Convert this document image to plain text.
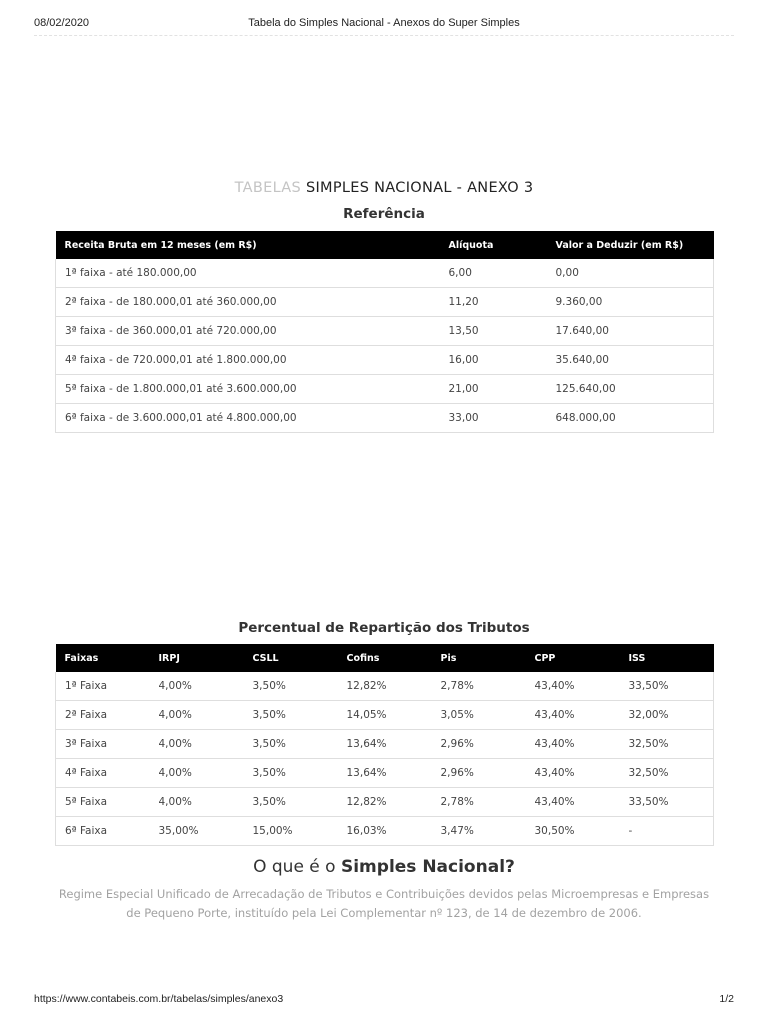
08/02/2020	Tabela do Simples Nacional - Anexos do Super Simples
TABELAS SIMPLES NACIONAL - ANEXO 3
Referência
Receita Bruta em 12 meses (em R$)	Alíquota	Valor a Deduzir (em R$)
1ª faixa - até 180.000,00	6,00	0,00
2ª faixa - de 180.000,01 até 360.000,00	11,20	9.360,00
3ª faixa - de 360.000,01 até 720.000,00	13,50	17.640,00
4ª faixa - de 720.000,01 até 1.800.000,00	16,00	35.640,00
5ª faixa - de 1.800.000,01 até 3.600.000,00	21,00	125.640,00
6ª faixa - de 3.600.000,01 até 4.800.000,00	33,00	648.000,00
Percentual de Repartição dos Tributos
Faixas	IRPJ	CSLL	Cofins	Pis	CPP	ISS
1ª Faixa	4,00%	3,50%	12,82%	2,78%	43,40%	33,50%
2ª Faixa	4,00%	3,50%	14,05%	3,05%	43,40%	32,00%
3ª Faixa	4,00%	3,50%	13,64%	2,96%	43,40%	32,50%
4ª Faixa	4,00%	3,50%	13,64%	2,96%	43,40%	32,50%
5ª Faixa	4,00%	3,50%	12,82%	2,78%	43,40%	33,50%
6ª Faixa	35,00%	15,00%	16,03%	3,47%	30,50%	-
O que é o Simples Nacional?
Regime Especial Unificado de Arrecadação de Tributos e Contribuições devidos pelas Microempresas e Empresas de Pequeno Porte, instituído pela Lei Complementar nº 123, de 14 de dezembro de 2006.
https://www.contabeis.com.br/tabelas/simples/anexo3	1/2
